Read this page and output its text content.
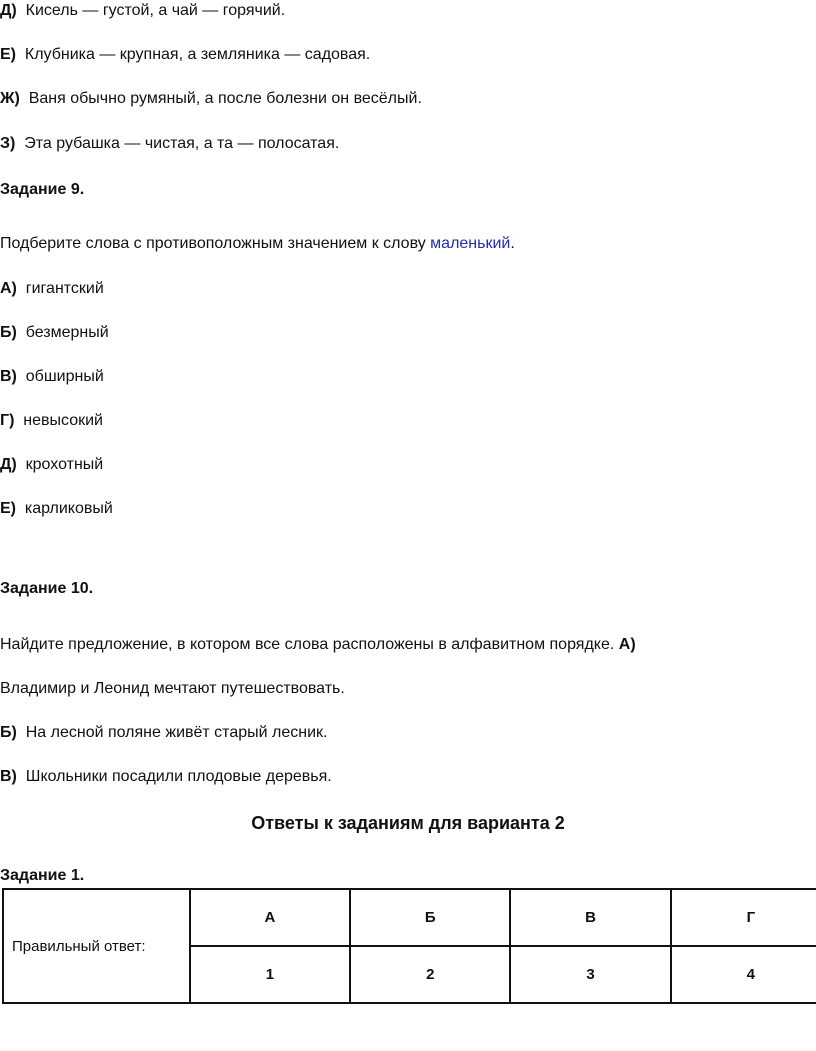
Д) Кисель — густой, а чай — горячий.
Е) Клубника — крупная, а земляника — садовая.
Ж) Ваня обычно румяный, а после болезни он весёлый.
З) Эта рубашка — чистая, а та — полосатая.
Задание 9.
Подберите слова с противоположным значением к слову маленький.
А) гигантский
Б) безмерный
В) обширный
Г) невысокий
Д) крохотный
Е) карликовый
Задание 10.
Найдите предложение, в котором все слова расположены в алфавитном порядке. А)
Владимир и Леонид мечтают путешествовать.
Б) На лесной поляне живёт старый лесник.
В) Школьники посадили плодовые деревья.
Ответы к заданиям для варианта 2
Задание 1.
Правильный ответ:	А	Б	В	Г
	1	2	3	4
